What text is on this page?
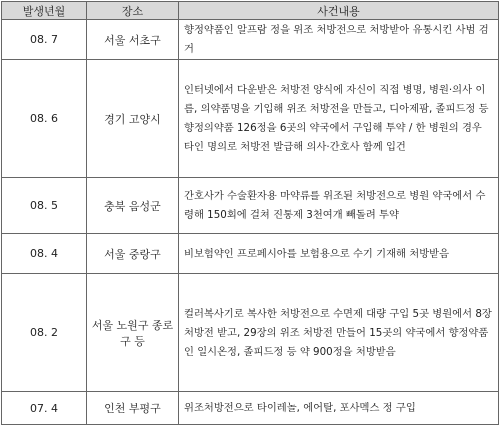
발생년월	장소	사건내용
08. 7	서울 서초구	향정약품인 알프람 정을 위조 처방전으로 처방받아 유통시킨 사범 검거
08. 6	경기 고양시	인터넷에서 다운받은 처방전 양식에 자신이 직접 병명, 병원·의사 이름, 의약품명을 기입해 위조 처방전을 만들고, 디아제팜, 졸피드정 등 향정의약품 126정을 6곳의 약국에서 구입해 투약 / 한 병원의 경우 타인 명의로 처방전 발급해 의사·간호사 함께 입건
08. 5	충북 음성군	간호사가 수술환자용 마약류를 위조된 처방전으로 병원 약국에서 수령해 150회에 걸쳐 진통제 3천여개 빼돌려 투약
08. 4	서울 중랑구	비보험약인 프로페시아를 보험용으로 수기 기재해 처방받음
08. 2	서울 노원구 종로구 등	컬러복사기로 복사한 처방전으로 수면제 대량 구입 5곳 병원에서 8장 처방전 받고, 29장의 위조 처방전 만들어 15곳의 약국에서 향정약품인 일시온정, 졸피드정 등 약 900정을 처방받음
07. 4	인천 부평구	위조처방전으로 타이레놀, 에어탈, 포사멕스 정 구입
